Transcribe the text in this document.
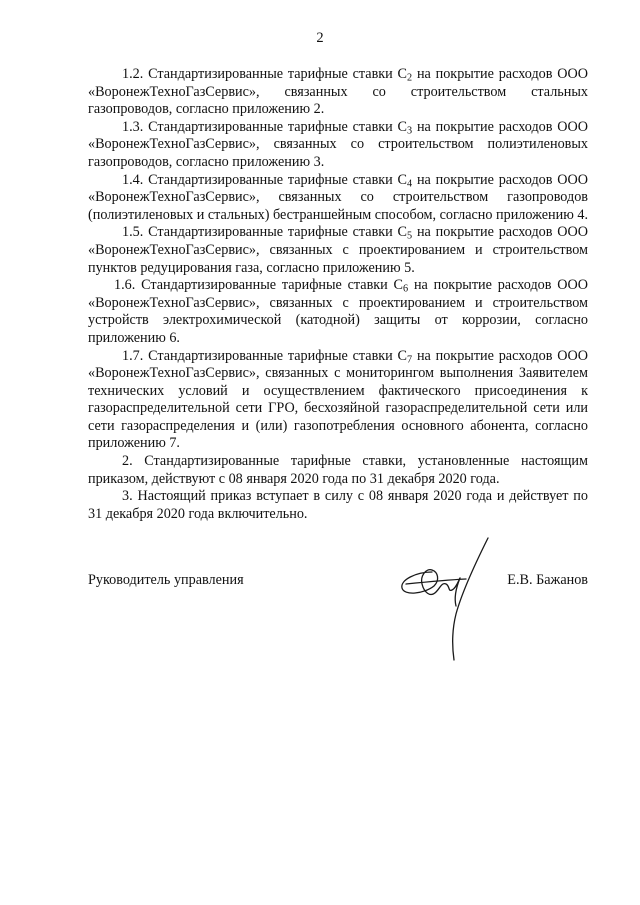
2

1.2. Стандартизированные тарифные ставки $С_2$ на покрытие расходов ООО «ВоронежТехноГазСервис», связанных со строительством стальных газопроводов, согласно приложению 2.

1.3. Стандартизированные тарифные ставки $С_3$ на покрытие расходов ООО «ВоронежТехноГазСервис», связанных со строительством полиэтиленовых газопроводов, согласно приложению 3.

1.4. Стандартизированные тарифные ставки $С_4$ на покрытие расходов ООО «ВоронежТехноГазСервис», связанных со строительством газопроводов (полиэтиленовых и стальных) бестраншейным способом, согласно приложению 4.

1.5. Стандартизированные тарифные ставки $С_5$ на покрытие расходов ООО «ВоронежТехноГазСервис», связанных с проектированием и строительством пунктов редуцирования газа, согласно приложению 5.

1.6. Стандартизированные тарифные ставки $С_6$ на покрытие расходов ООО «ВоронежТехноГазСервис», связанных с проектированием и строительством устройств электрохимической (катодной) защиты от коррозии, согласно приложению 6.

1.7. Стандартизированные тарифные ставки $С_7$ на покрытие расходов ООО «ВоронежТехноГазСервис», связанных с мониторингом выполнения Заявителем технических условий и осуществлением фактического присоединения к газораспределительной сети ГРО, бесхозяйной газораспределительной сети или сети газораспределения и (или) газопотребления основного абонента, согласно приложению 7.

2. Стандартизированные тарифные ставки, установленные настоящим приказом, действуют с 08 января 2020 года по 31 декабря 2020 года.

3. Настоящий приказ вступает в силу с 08 января 2020 года и действует по 31 декабря 2020 года включительно.

Руководитель управления	Е.В. Бажанов
